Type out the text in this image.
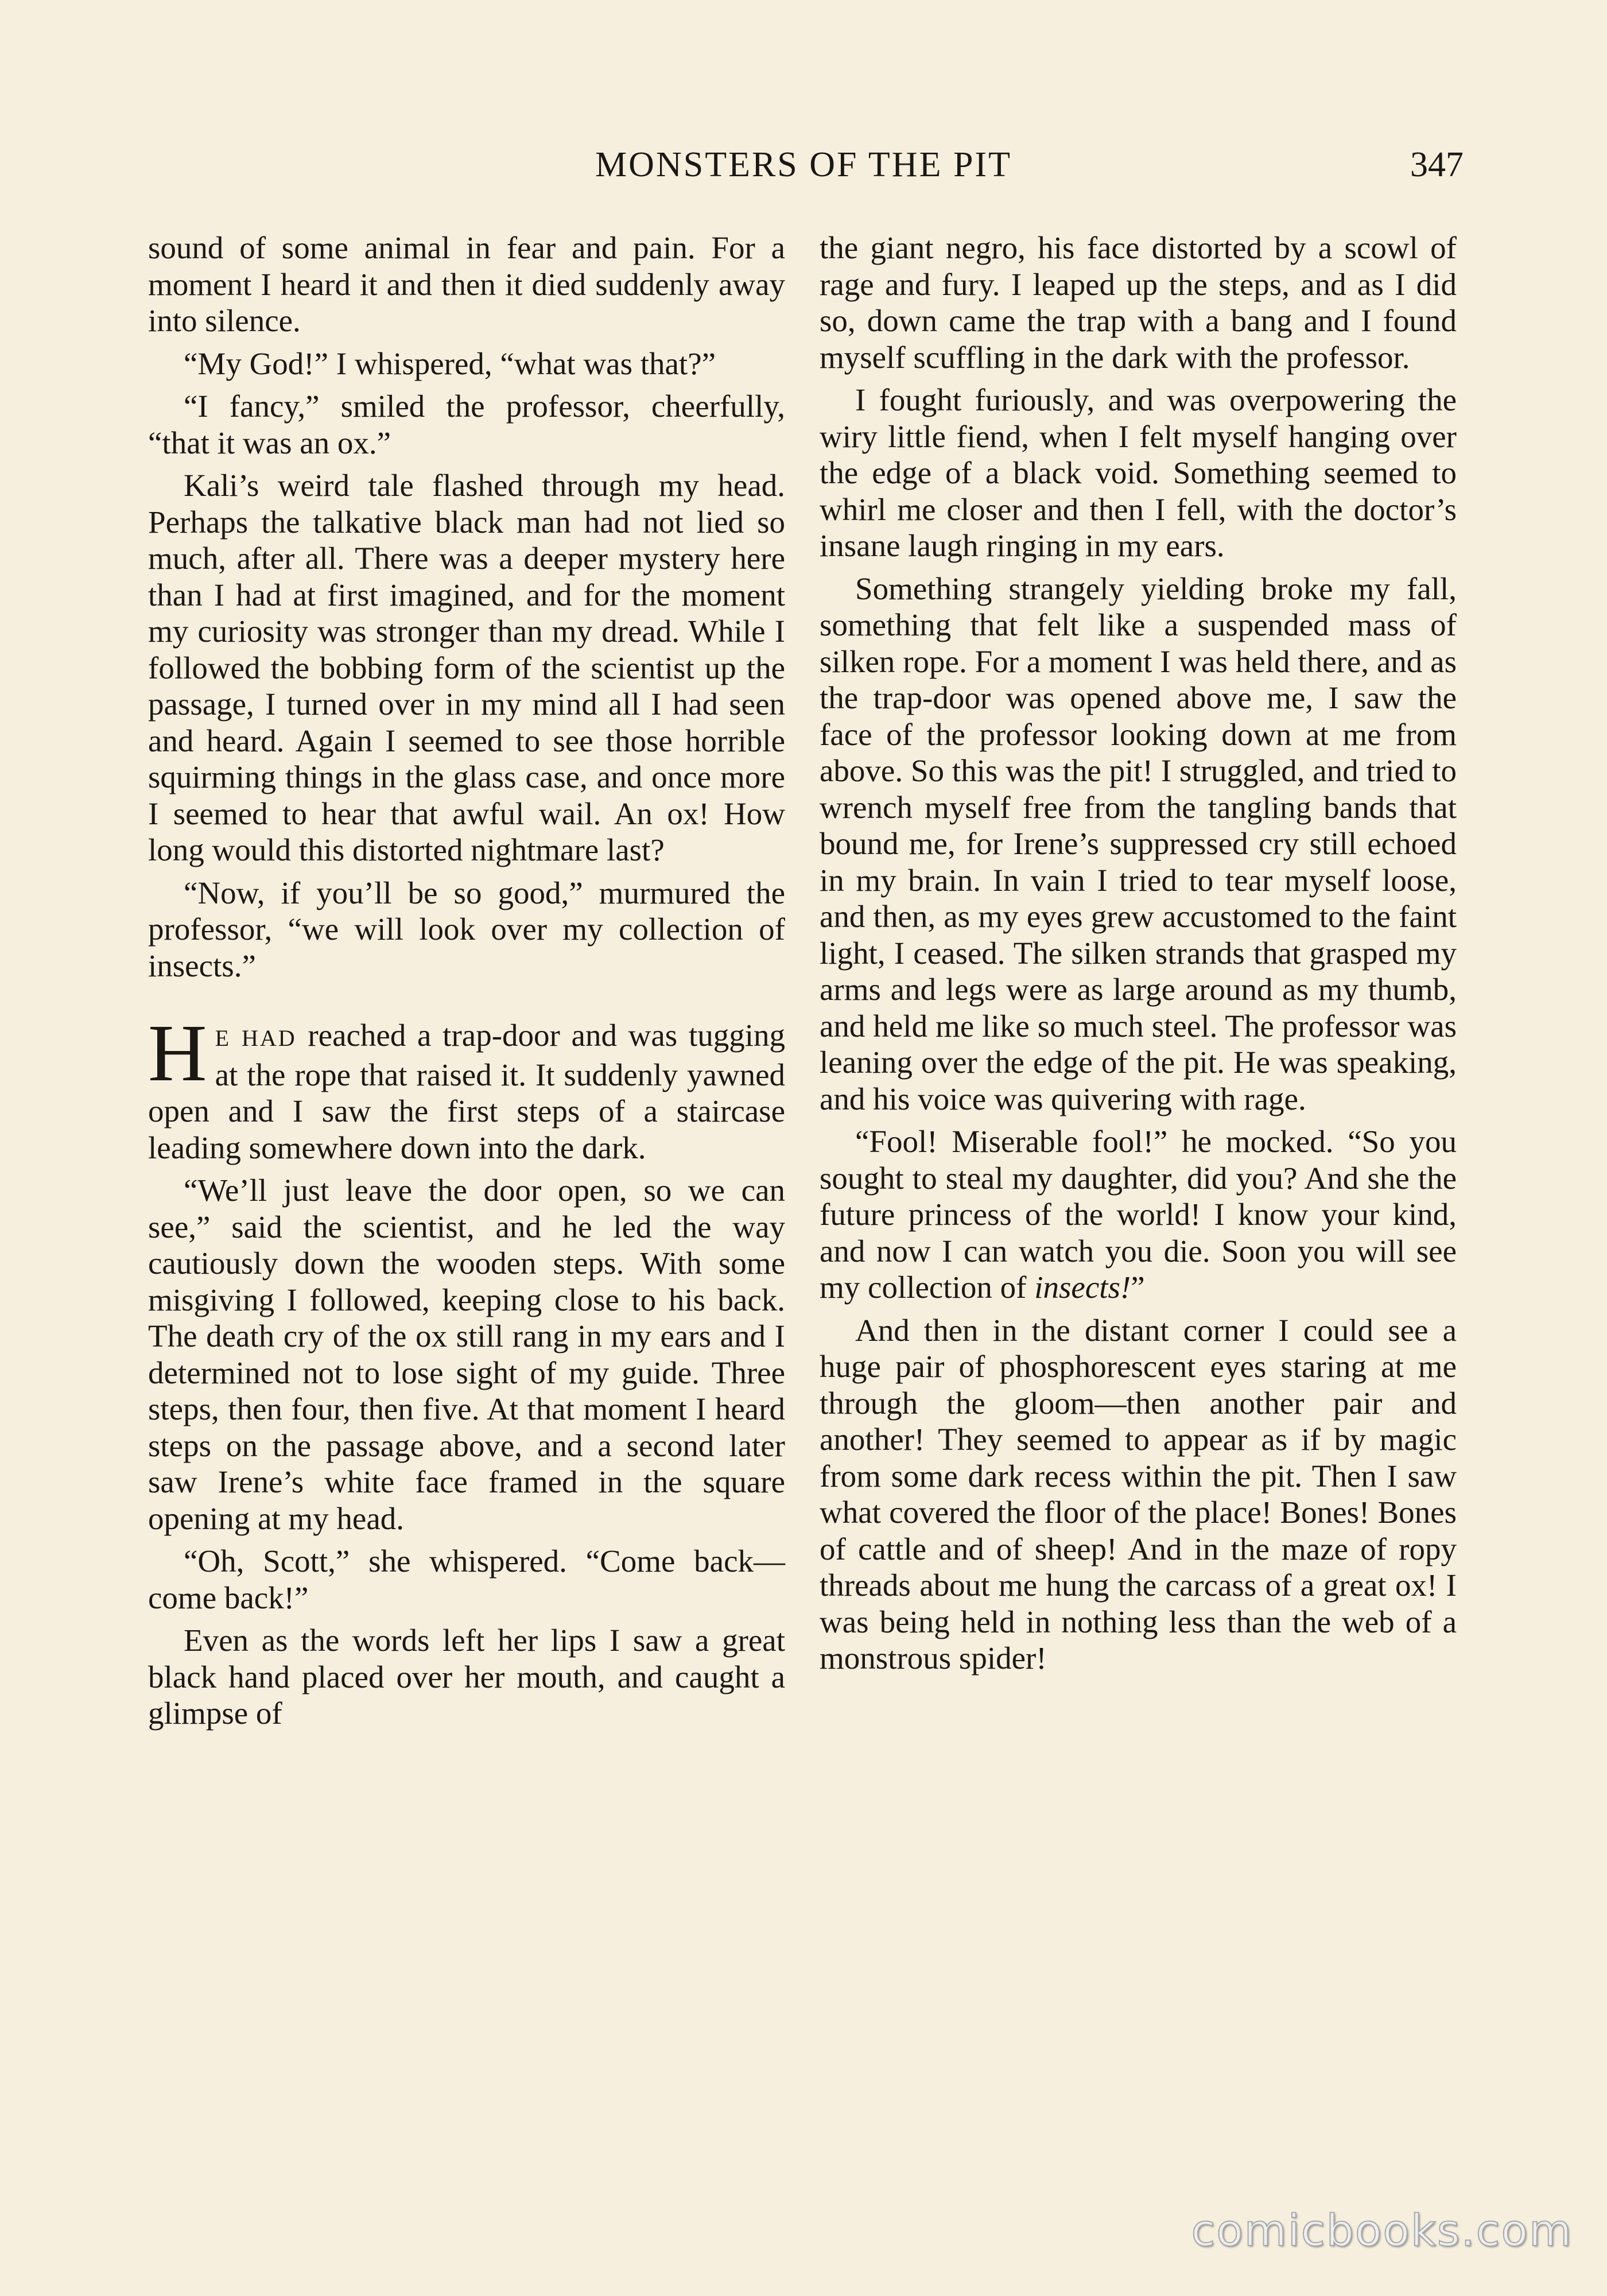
MONSTERS OF THE PIT	347

sound of some animal in fear and pain. For a moment I heard it and then it died suddenly away into silence.

“My God!” I whispered, “what was that?”

“I fancy,” smiled the professor, cheerfully, “that it was an ox.”

Kali’s weird tale flashed through my head. Perhaps the talkative black man had not lied so much, after all. There was a deeper mystery here than I had at first imagined, and for the moment my curiosity was stronger than my dread. While I followed the bobbing form of the scientist up the passage, I turned over in my mind all I had seen and heard. Again I seemed to see those horrible squirming things in the glass case, and once more I seemed to hear that awful wail. An ox! How long would this distorted nightmare last?

“Now, if you’ll be so good,” murmured the professor, “we will look over my collection of insects.”

H E HAD reached a trap-door and was tugging at the rope that raised it. It suddenly yawned open and I saw the first steps of a staircase leading somewhere down into the dark.

“We’ll just leave the door open, so we can see,” said the scientist, and he led the way cautiously down the wooden steps. With some misgiving I followed, keeping close to his back. The death cry of the ox still rang in my ears and I determined not to lose sight of my guide. Three steps, then four, then five. At that moment I heard steps on the passage above, and a second later saw Irene’s white face framed in the square opening at my head.

“Oh, Scott,” she whispered. “Come back—come back!”

Even as the words left her lips I saw a great black hand placed over her mouth, and caught a glimpse of

the giant negro, his face distorted by a scowl of rage and fury. I leaped up the steps, and as I did so, down came the trap with a bang and I found myself scuffling in the dark with the professor.

I fought furiously, and was overpowering the wiry little fiend, when I felt myself hanging over the edge of a black void. Something seemed to whirl me closer and then I fell, with the doctor’s insane laugh ringing in my ears.

Something strangely yielding broke my fall, something that felt like a suspended mass of silken rope. For a moment I was held there, and as the trap-door was opened above me, I saw the face of the professor looking down at me from above. So this was the pit! I struggled, and tried to wrench myself free from the tangling bands that bound me, for Irene’s suppressed cry still echoed in my brain. In vain I tried to tear myself loose, and then, as my eyes grew accustomed to the faint light, I ceased. The silken strands that grasped my arms and legs were as large around as my thumb, and held me like so much steel. The professor was leaning over the edge of the pit. He was speaking, and his voice was quivering with rage.

“Fool! Miserable fool!” he mocked. “So you sought to steal my daughter, did you? And she the future princess of the world! I know your kind, and now I can watch you die. Soon you will see my collection of insects!”

And then in the distant corner I could see a huge pair of phosphorescent eyes staring at me through the gloom—then another pair and another! They seemed to appear as if by magic from some dark recess within the pit. Then I saw what covered the floor of the place! Bones! Bones of cattle and of sheep! And in the maze of ropy threads about me hung the carcass of a great ox! I was being held in nothing less than the web of a monstrous spider!

comicbooks.com
